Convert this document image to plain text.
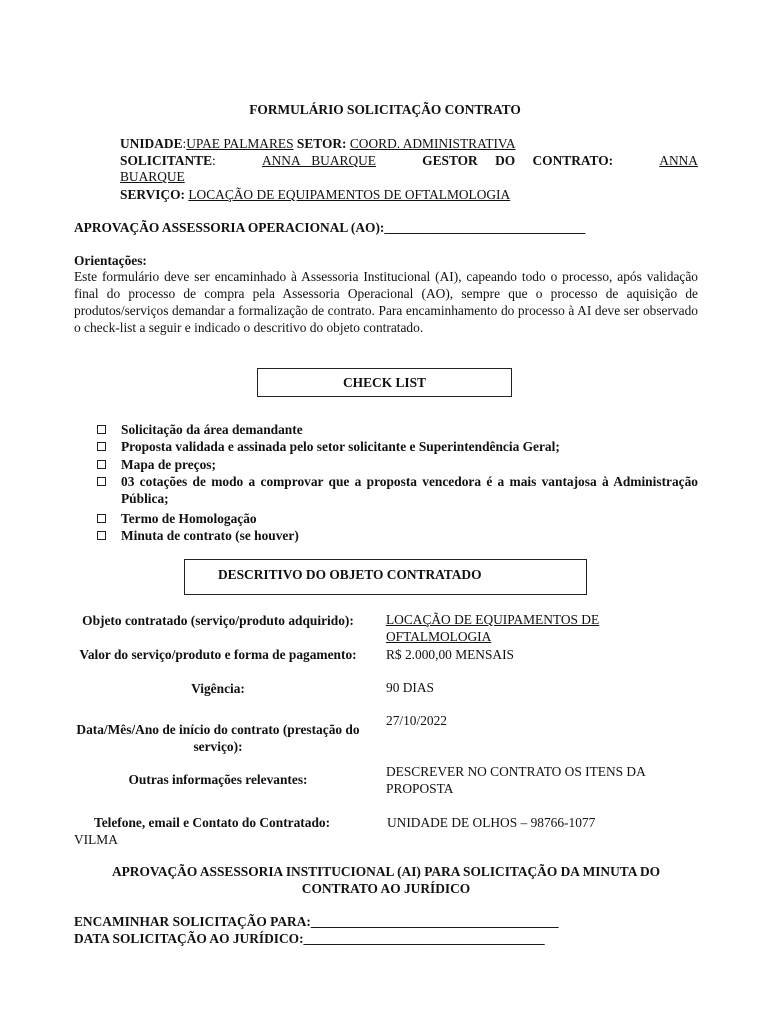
FORMULÁRIO SOLICITAÇÃO CONTRATO
UNIDADE:UPAE PALMARES SETOR: COORD. ADMINISTRATIVA
SOLICITANTE:	ANNA BUARQUE	GESTOR DO CONTRATO:	ANNA
BUARQUE
SERVIÇO: LOCAÇÃO DE EQUIPAMENTOS DE OFTALMOLOGIA
APROVAÇÃO ASSESSORIA OPERACIONAL (AO):______________________________
Orientações:
Este formulário deve ser encaminhado à Assessoria Institucional (AI), capeando todo o processo, após validação final do processo de compra pela Assessoria Operacional (AO), sempre que o processo de aquisição de produtos/serviços demandar a formalização de contrato. Para encaminhamento do processo à AI deve ser observado o check-list a seguir e indicado o descritivo do objeto contratado.
CHECK LIST
Solicitação da área demandante
Proposta validada e assinada pelo setor solicitante e Superintendência Geral;
Mapa de preços;
03 cotações de modo a comprovar que a proposta vencedora é a mais vantajosa à Administração Pública;
Termo de Homologação
Minuta de contrato (se houver)
DESCRITIVO DO OBJETO CONTRATADO
Objeto contratado (serviço/produto adquirido):	LOCAÇÃO DE EQUIPAMENTOS DE
OFTALMOLOGIA
Valor do serviço/produto e forma de pagamento: R$ 2.000,00 MENSAIS
Vigência:	90 DIAS
Data/Mês/Ano de início do contrato (prestação do serviço):
27/10/2022
Outras informações relevantes:
DESCREVER NO CONTRATO OS ITENS DA PROPOSTA
Telefone, email e Contato do Contratado:	UNIDADE DE OLHOS – 98766-1077
VILMA
APROVAÇÃO ASSESSORIA INSTITUCIONAL (AI) PARA SOLICITAÇÃO DA MINUTA DO CONTRATO AO JURÍDICO
ENCAMINHAR SOLICITAÇÃO PARA:_____________________________________
DATA SOLICITAÇÃO AO JURÍDICO:____________________________________
